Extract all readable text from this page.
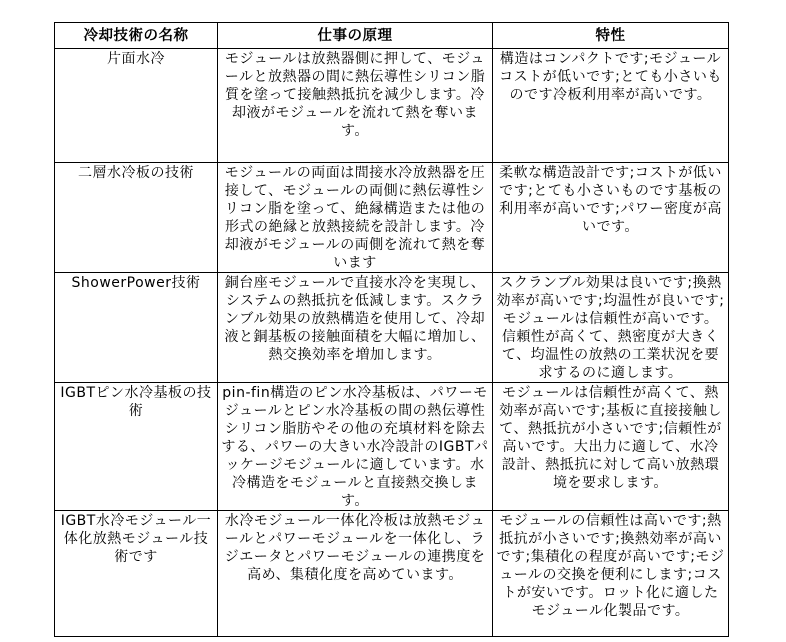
冷却技術の名称	仕事の原理	特性

片面水冷	モジュールは放熱器側に押して、モジュールと放熱器の間に熱伝導性シリコン脂質を塗って接触熱抵抗を減少します。冷却液がモジュールを流れて熱を奪います。	構造はコンパクトです;モジュールコストが低いです;とても小さいものです冷板利用率が高いです。

二層水冷板の技術	モジュールの両面は間接水冷放熱器を圧接して、モジュールの両側に熱伝導性シリコン脂を塗って、絶縁構造または他の形式の絶縁と放熱接続を設計します。冷却液がモジュールの両側を流れて熱を奪います	柔軟な構造設計です;コストが低いです;とても小さいものです基板の利用率が高いです;パワー密度が高いです。

ShowerPower技術	銅台座モジュールで直接水冷を実現し、システムの熱抵抗を低減します。スクランブル効果の放熱構造を使用して、冷却液と銅基板の接触面積を大幅に増加し、熱交換効率を増加します。	スクランブル効果は良いです;換熱効率が高いです;均温性が良いです;モジュールは信頼性が高いです。信頼性が高くて、熱密度が大きくて、均温性の放熱の工業状況を要求するのに適します。

IGBTピン水冷基板の技術	pin-fin構造のピン水冷基板は、パワーモジュールとピン水冷基板の間の熱伝導性シリコン脂肪やその他の充填材料を除去する、パワーの大きい水冷設計のIGBTパッケージモジュールに適しています。水冷構造をモジュールと直接熱交換します。	モジュールは信頼性が高くて、熱効率が高いです;基板に直接接触して、熱抵抗が小さいです;信頼性が高いです。大出力に適して、水冷設計、熱抵抗に対して高い放熱環境を要求します。

IGBT水冷モジュール一体化放熱モジュール技術です	水冷モジュール一体化冷板は放熱モジュールとパワーモジュールを一体化し、ラジエータとパワーモジュールの連携度を高め、集積化度を高めています。	モジュールの信頼性は高いです;熱抵抗が小さいです;換熱効率が高いです;集積化の程度が高いです;モジュールの交換を便利にします;コストが安いです。ロット化に適したモジュール化製品です。
